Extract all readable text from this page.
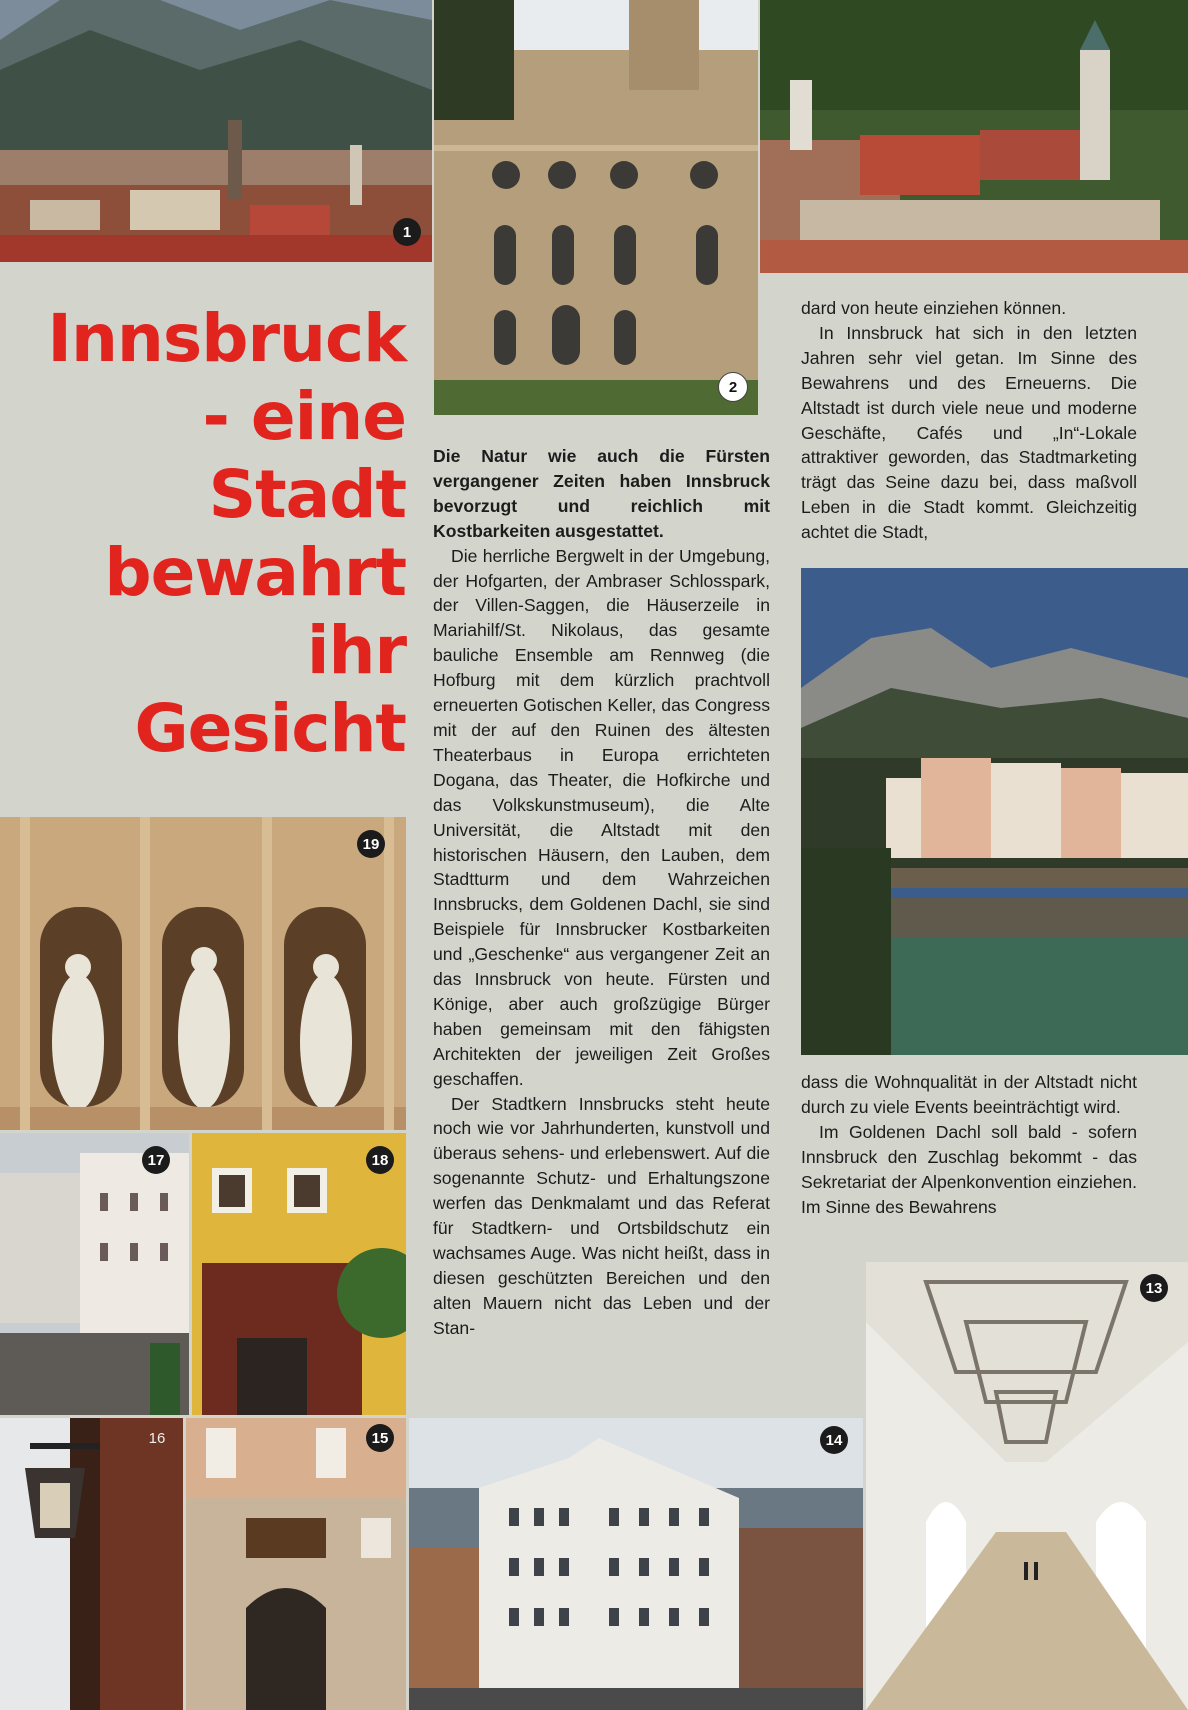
1
2
Innsbruck
- eine
Stadt
bewahrt
ihr
Gesicht
19
17	18
16	15	14
13

Die Natur wie auch die Fürsten vergangener Zeiten haben Innsbruck bevorzugt und reichlich mit Kostbarkeiten ausgestattet.

Die herrliche Bergwelt in der Umgebung, der Hofgarten, der Ambraser Schlosspark, der Villen-Saggen, die Häuserzeile in Mariahilf/St. Nikolaus, das gesamte bauliche Ensemble am Rennweg (die Hofburg mit dem kürzlich prachtvoll erneuerten Gotischen Keller, das Congress mit der auf den Ruinen des ältesten Theaterbaus in Europa errichteten Dogana, das Theater, die Hofkirche und das Volkskunstmuseum), die Alte Universität, die Altstadt mit den historischen Häusern, den Lauben, dem Stadtturm und dem Wahrzeichen Innsbrucks, dem Goldenen Dachl, sie sind Beispiele für Innsbrucker Kostbarkeiten und „Geschenke“ aus vergangener Zeit an das Innsbruck von heute. Fürsten und Könige, aber auch großzügige Bürger haben gemeinsam mit den fähigsten Architekten der jeweiligen Zeit Großes geschaffen.

Der Stadtkern Innsbrucks steht heute noch wie vor Jahrhunderten, kunstvoll und überaus sehens- und erlebenswert. Auf die sogenannte Schutz- und Erhaltungszone werfen das Denkmalamt und das Referat für Stadtkern- und Ortsbildschutz ein wachsames Auge. Was nicht heißt, dass in diesen geschützten Bereichen und den alten Mauern nicht das Leben und der Stan-

dard von heute einziehen können.

In Innsbruck hat sich in den letzten Jahren sehr viel getan. Im Sinne des Bewahrens und des Erneuerns. Die Altstadt ist durch viele neue und moderne Geschäfte, Cafés und „In“-Lokale attraktiver geworden, das Stadtmarketing trägt das Seine dazu bei, dass maßvoll Leben in die Stadt kommt. Gleichzeitig achtet die Stadt,

dass die Wohnqualität in der Altstadt nicht durch zu viele Events beeinträchtigt wird.

Im Goldenen Dachl soll bald - sofern Innsbruck den Zuschlag bekommt - das Sekretariat der Alpenkonvention einziehen. Im Sinne des Bewahrens
